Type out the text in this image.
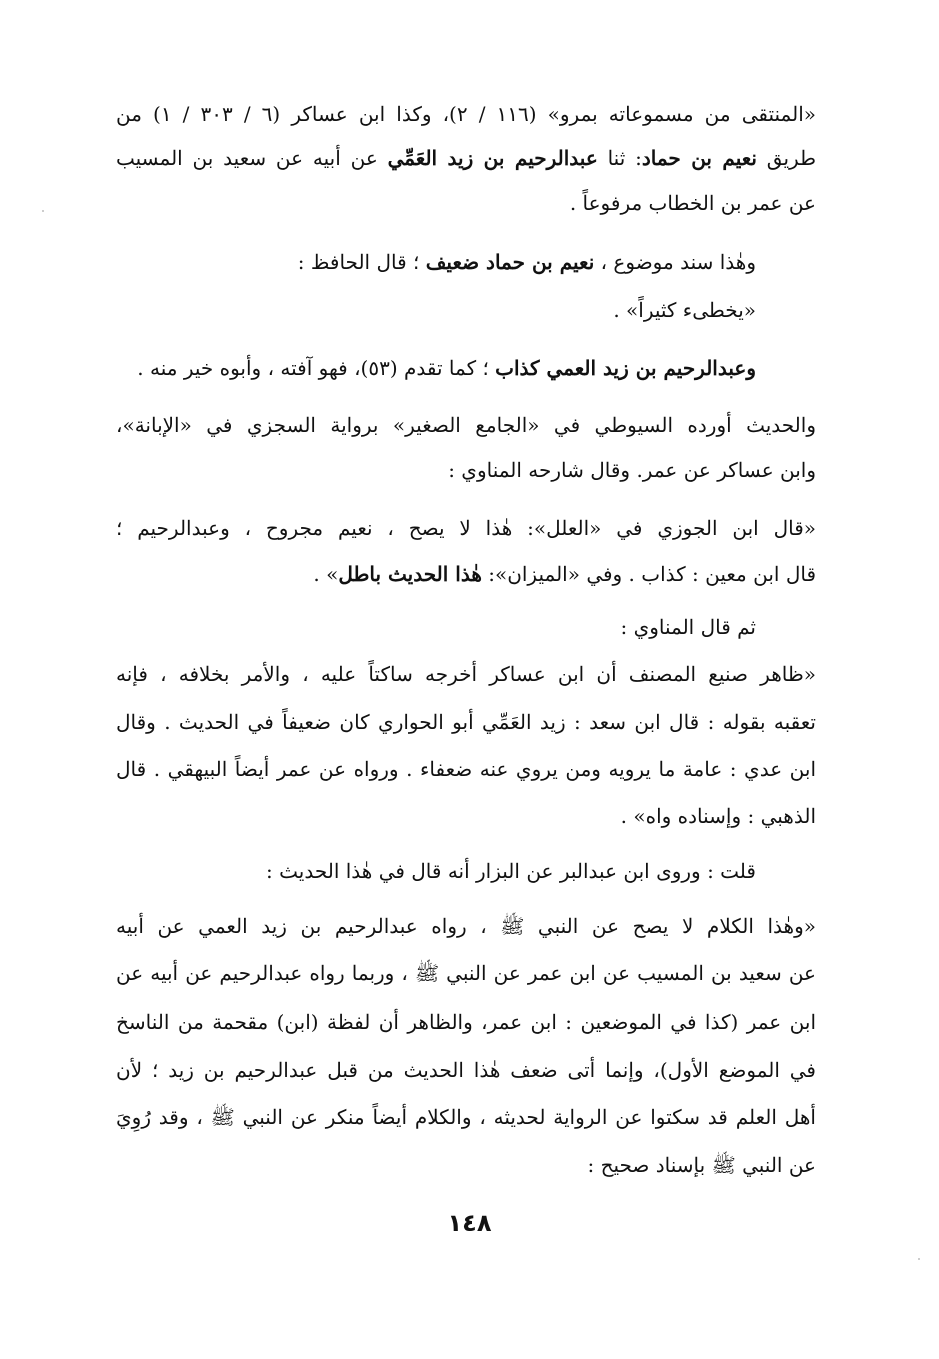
«المنتقى من مسموعاته بمرو» (١١٦ / ٢)، وكذا ابن عساكر (٦ / ٣٠٣ / ١) من
طريق نعيم بن حماد: ثنا عبدالرحيم بن زيد العَمِّي عن أبيه عن سعيد بن المسيب
عن عمر بن الخطاب مرفوعاً .
وهٰذا سند موضوع ، نعيم بن حماد ضعيف ؛ قال الحافظ :
«يخطىء كثيراً» .
وعبدالرحيم بن زيد العمي كذاب ؛ كما تقدم (٥٣)، فهو آفته ، وأبوه خير منه .
والحديث أورده السيوطي في «الجامع الصغير» برواية السجزي في «الإبانة»،
وابن عساكر عن عمر. وقال شارحه المناوي :
«قال ابن الجوزي في «العلل»: هٰذا لا يصح ، نعيم مجروح ، وعبدالرحيم ؛
قال ابن معين : كذاب . وفي «الميزان»: هٰذا الحديث باطل» .
ثم قال المناوي :
«ظاهر صنيع المصنف أن ابن عساكر أخرجه ساكتاً عليه ، والأمر بخلافه ، فإنه
تعقبه بقوله : قال ابن سعد : زيد العَمِّي أبو الحواري كان ضعيفاً في الحديث . وقال
ابن عدي : عامة ما يرويه ومن يروي عنه ضعفاء . ورواه عن عمر أيضاً البيهقي . قال
الذهبي : وإسناده واه» .
قلت : وروى ابن عبدالبر عن البزار أنه قال في هٰذا الحديث :
«وهٰذا الكلام لا يصح عن النبي ﷺ ، رواه عبدالرحيم بن زيد العمي عن أبيه
عن سعيد بن المسيب عن ابن عمر عن النبي ﷺ ، وربما رواه عبدالرحيم عن أبيه عن
ابن عمر (كذا في الموضعين : ابن عمر، والظاهر أن لفظة (ابن) مقحمة من الناسخ
في الموضع الأول)، وإنما أتى ضعف هٰذا الحديث من قبل عبدالرحيم بن زيد ؛ لأن
أهل العلم قد سكتوا عن الرواية لحديثه ، والكلام أيضاً منكر عن النبي ﷺ ، وقد رُوِيَ
عن النبي ﷺ بإسناد صحيح :
١٤٨
